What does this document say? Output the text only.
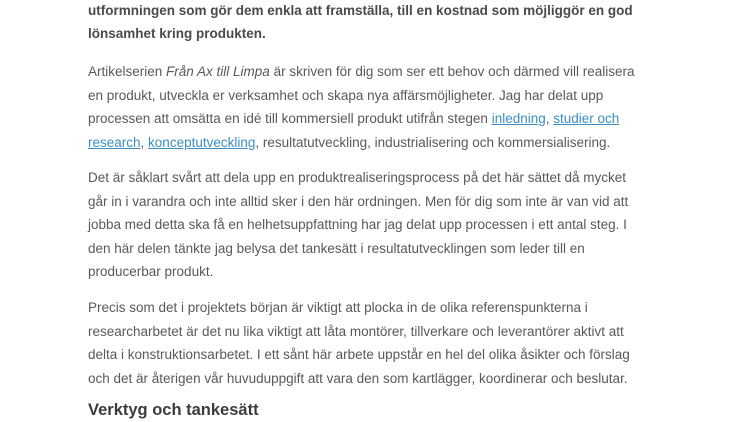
utformningen som gör dem enkla att framställa, till en kostnad som möjliggör en god
lönsamhet kring produkten.

Artikelserien Från Ax till Limpa är skriven för dig som ser ett behov och därmed vill realisera
en produkt, utveckla er verksamhet och skapa nya affärsmöjligheter. Jag har delat upp
processen att omsätta en idé till kommersiell produkt utifrån stegen inledning, studier och
research, konceptutveckling, resultatutveckling, industrialisering och kommersialisering.

Det är såklart svårt att dela upp en produktrealiseringsprocess på det här sättet då mycket
går in i varandra och inte alltid sker i den här ordningen. Men för dig som inte är van vid att
jobba med detta ska få en helhetsuppfattning har jag delat upp processen i ett antal steg. I
den här delen tänkte jag belysa det tankesätt i resultatutvecklingen som leder till en
producerbar produkt.

Precis som det i projektets början är viktigt att plocka in de olika referenspunkterna i
researcharbetet är det nu lika viktigt att låta montörer, tillverkare och leverantörer aktivt att
delta i konstruktionsarbetet. I ett sånt här arbete uppstår en hel del olika åsikter och förslag
och det är återigen vår huvuduppgift att vara den som kartlägger, koordinerar och beslutar.

Verktyg och tankesätt
